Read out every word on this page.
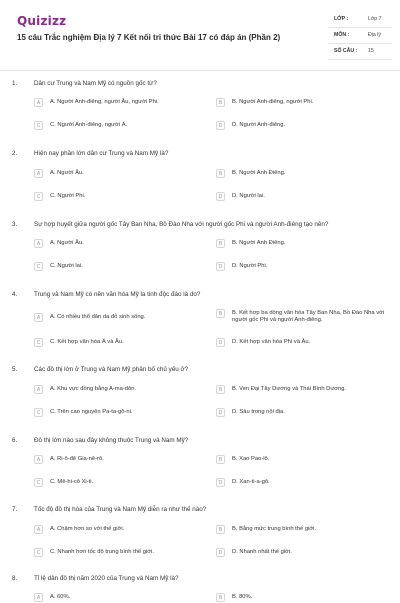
Quizizz
15 câu Trắc nghiệm Địa lý 7 Kết nối tri thức Bài 17 có đáp án (Phần 2)
LỚP :	Lớp 7
MÔN :	Địa lý
SỐ CÂU : 15
1.	Dân cư Trung và Nam Mỹ có nguồn gốc từ?
A	A. Người Anh-điêng, người Âu, người Phi.	B	B. Người Anh-điêng, người Phi.
C	C. Người Anh-điêng, người Á.	D	D. Người Anh-điêng.
2.	Hiện nay phần lớn dân cư Trung và Nam Mỹ là?
A	A. Người Âu.	B	B. Người Anh Điêng.
C	C. Người Phi.	D	D. Người lai.
3.	Sự hợp huyết giữa người gốc Tây Ban Nha, Bồ Đào Nha với người gốc Phi và người Anh-điêng tạo nên?
A	A. Người Âu.	B	B. Người Anh Điêng.
C	C. Người lai.	D	D. Người Phi.
4.	Trung và Nam Mỹ có nền văn hóa Mỹ la tinh độc đáo là do?
A	A. Có nhiều thổ dân da đỏ sinh sống.	B	B. Kết hợp ba dòng văn hóa Tây Ban Nha, Bồ Đào Nha với người gốc Phi và người Anh-điêng.
C	C. Kết hợp văn hóa Á và Âu.	D	D. Kết hợp văn hóa Phi và Âu.
5.	Các đô thị lớn ở Trung và Nam Mỹ phân bố chủ yếu ở?
A	A. Khu vực đồng bằng A-ma-dôn.	B	B. Ven Đại Tây Dương và Thái Bình Dương.
C	C. Trên cao nguyên Pa-ta-gô-ni.	D	D. Sâu trong nội địa.
6.	Đô thị lớn nào sau đây không thuộc Trung và Nam Mỹ?
A	A. Ri-ô-đê Gia-nê-rô.	B	B. Xao Pao-lô.
C	C. Mê-hi-cô Xi-ti.	D	D. Xan-ti-a-gô.
7.	Tốc độ đô thị hóa của Trung và Nam Mỹ diễn ra như thế nào?
A	A. Chậm hơn so với thế giới.	B	B. Bằng mức trung bình thế giới.
C	C. Nhanh hơn tốc độ trung bình thế giới.	D	D. Nhanh nhất thế giới.
8.	Tỉ lệ dân đô thị năm 2020 của Trung và Nam Mỹ là?
A	A. 60%.	B	B. 80%.
